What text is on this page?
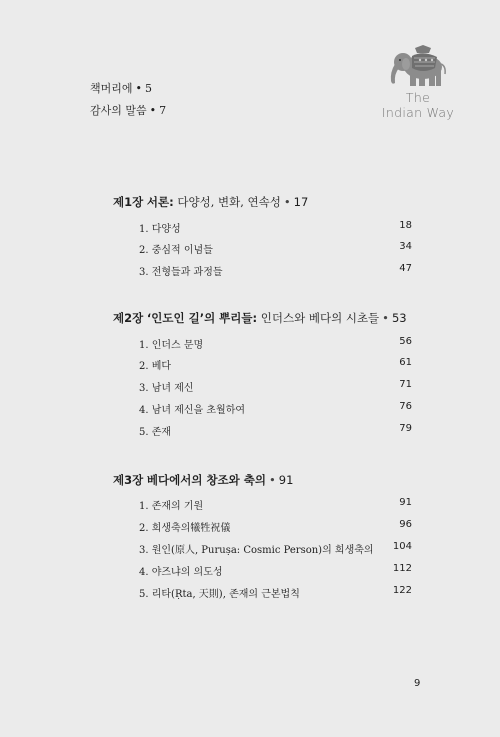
책머리에 • 5
감사의 말씀 • 7
The
Indian Way
제1장 서론: 다양성, 변화, 연속성 • 17
1. 다양성	18
2. 중심적 이념들	34
3. 전형들과 과정들	47
제2장 ‘인도인 길’의 뿌리들: 인더스와 베다의 시초들 • 53
1. 인더스 문명	56
2. 베다	61
3. 남녀 제신	71
4. 남녀 제신을 초월하여	76
5. 존재	79
제3장 베다에서의 창조와 축의 • 91
1. 존재의 기원	91
2. 희생축의犧牲祝儀	96
3. 원인(原人, Puruṣa: Cosmic Person)의 희생축의 104
4. 야즈냐의 의도성	112
5. 리타(Ṛta, 天則), 존재의 근본법칙	122
9
